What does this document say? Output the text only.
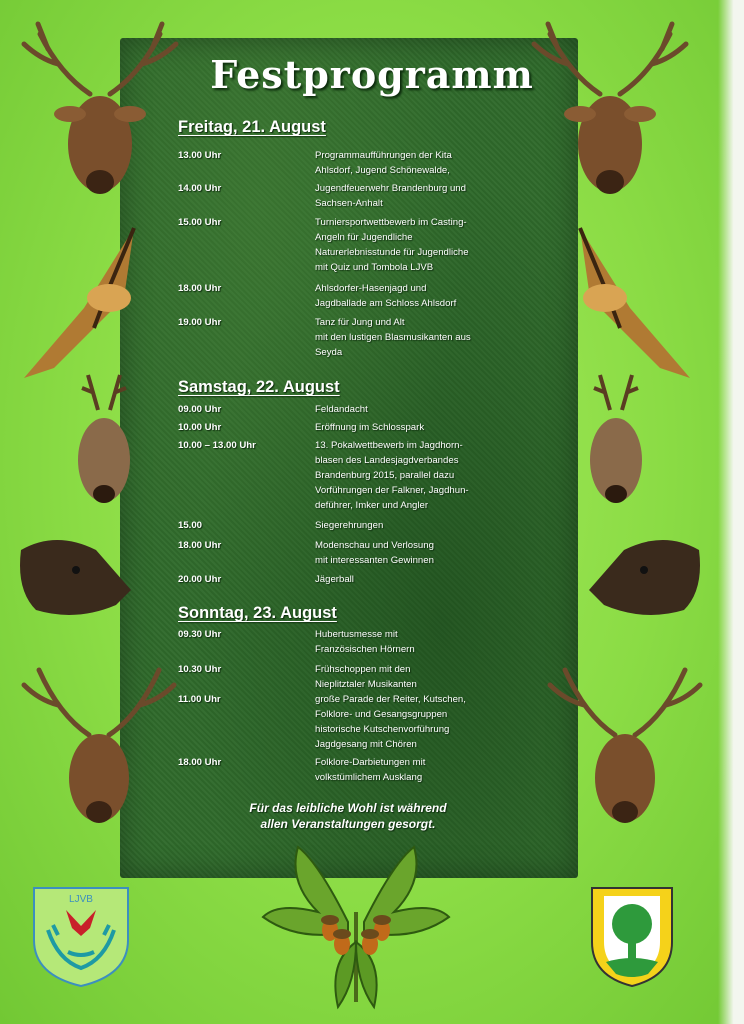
Festprogramm
Freitag, 21. August
13.00 Uhr	Programmaufführungen der Kita
Ahlsdorf, Jugend Schönewalde,
14.00 Uhr	Jugendfeuerwehr Brandenburg und
Sachsen-Anhalt
15.00 Uhr	Turniersportwettbewerb im Casting-
Angeln für Jugendliche
Naturerlebnisstunde für Jugendliche
mit Quiz und Tombola LJVB
18.00 Uhr	Ahlsdorfer-Hasenjagd und
Jagdballade am Schloss Ahlsdorf
19.00 Uhr	Tanz für Jung und Alt
mit den lustigen Blasmusikanten aus
Seyda
Samstag, 22. August
09.00 Uhr	Feldandacht
10.00 Uhr	Eröffnung im Schlosspark
10.00 – 13.00 Uhr	13. Pokalwettbewerb im Jagdhorn-
blasen des Landesjagdverbandes
Brandenburg 2015, parallel dazu
Vorführungen der Falkner, Jagdhun-
deführer, Imker und Angler
15.00	Siegerehrungen
18.00 Uhr	Modenschau und Verlosung
mit interessanten Gewinnen
20.00 Uhr	Jägerball
Sonntag, 23. August
09.30 Uhr	Hubertusmesse mit
Französischen Hörnern
10.30 Uhr	Frühschoppen mit den
Nieplitztaler Musikanten
11.00 Uhr	große Parade der Reiter, Kutschen,
Folklore- und Gesangsgruppen
historische Kutschenvorführung
Jagdgesang mit Chören
18.00 Uhr	Folklore-Darbietungen mit
volkstümlichem Ausklang
Für das leibliche Wohl ist während
allen Veranstaltungen gesorgt.
LJVB
